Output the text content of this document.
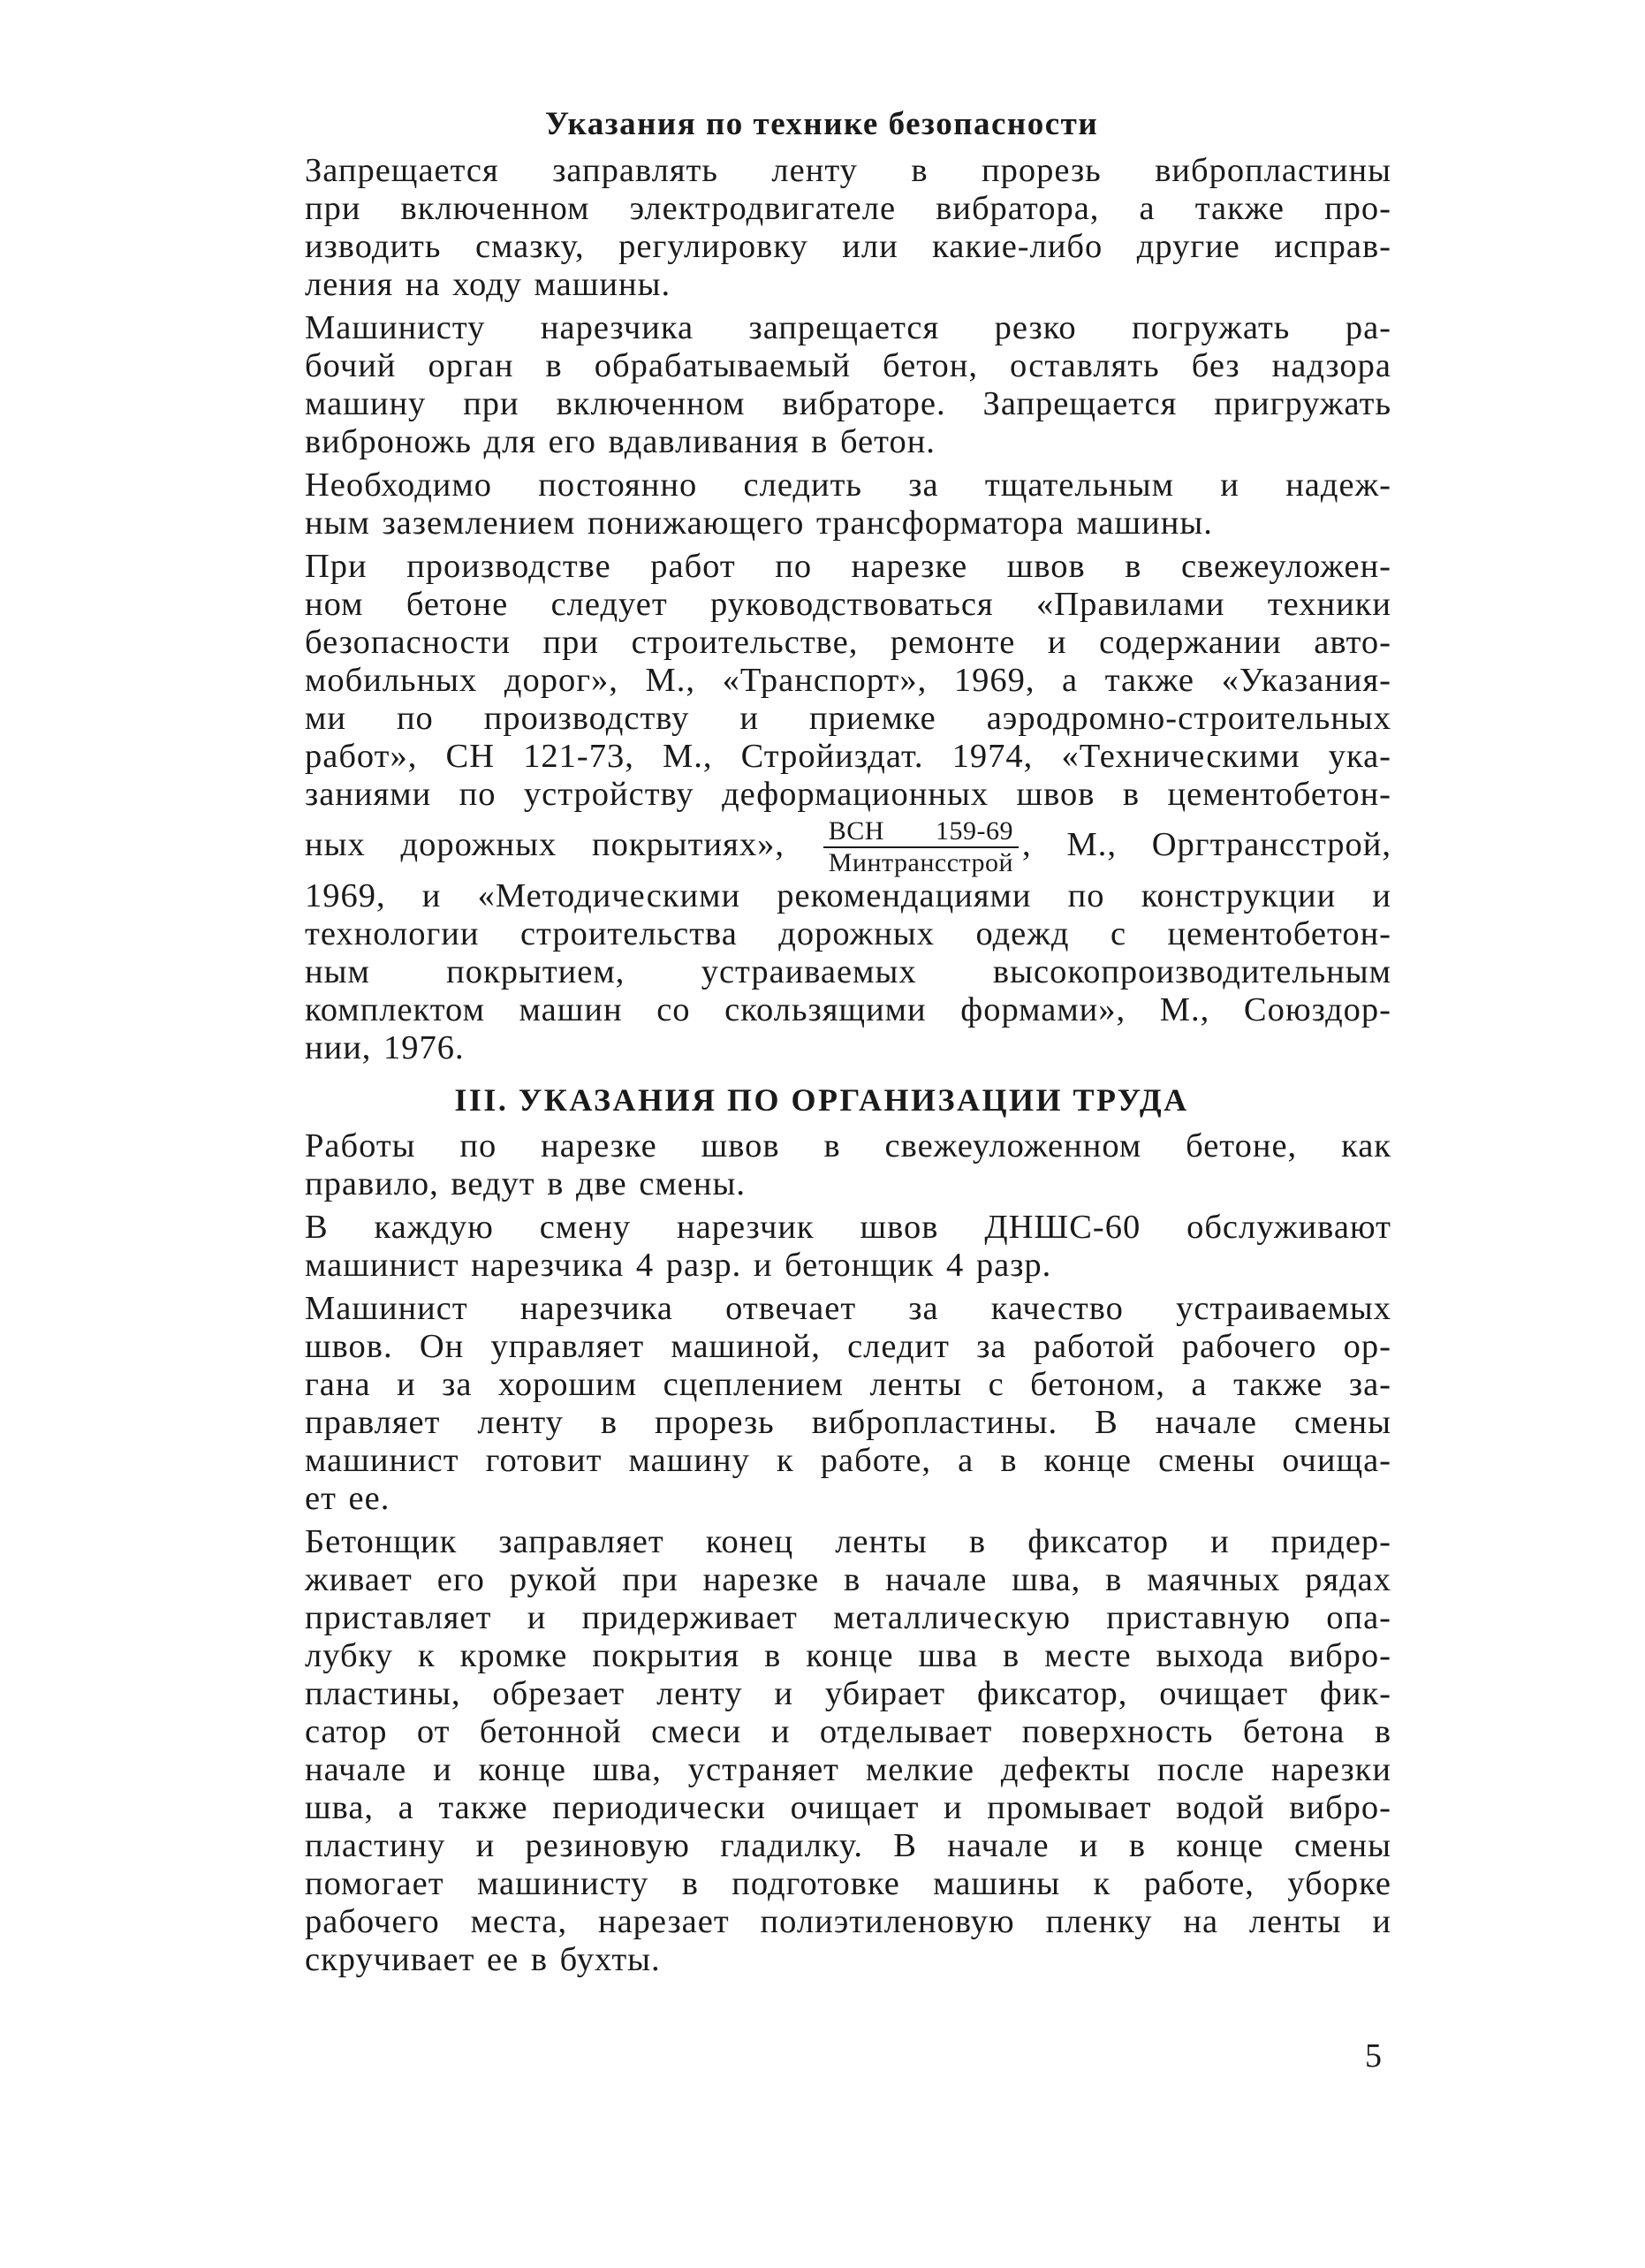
Указания по технике безопасности

Запрещается заправлять ленту в прорезь вибропластины
при включенном электродвигателе вибратора, а также про-
изводить смазку, регулировку или какие-либо другие исправ-
ления на ходу машины.

Машинисту нарезчика запрещается резко погружать ра-
бочий орган в обрабатываемый бетон, оставлять без надзора
машину при включенном вибраторе. Запрещается пригружать
виброножь для его вдавливания в бетон.

Необходимо постоянно следить за тщательным и надеж-
ным заземлением понижающего трансформатора машины.

При производстве работ по нарезке швов в свежеуложен-
ном бетоне следует руководствоваться «Правилами техники
безопасности при строительстве, ремонте и содержании авто-
мобильных дорог», М., «Транспорт», 1969, а также «Указания-
ми по производству и приемке аэродромно-строительных
работ», СН 121-73, М., Стройиздат. 1974, «Техническими ука-
заниями по устройству деформационных швов в цементобетон-
ных дорожных покрытиях», $\frac{\text{ВСН 159-69}}{\text{Минтрансстрой}}$ , М., Оргтрансстрой,
1969, и «Методическими рекомендациями по конструкции и
технологии строительства дорожных одежд с цементобетон-
ным покрытием, устраиваемых высокопроизводительным
комплектом машин со скользящими формами», М., Союздор-
нии, 1976.

III. УКАЗАНИЯ ПО ОРГАНИЗАЦИИ ТРУДА

Работы по нарезке швов в свежеуложенном бетоне, как
правило, ведут в две смены.

В каждую смену нарезчик швов ДНШС-60 обслуживают
машинист нарезчика 4 разр. и бетонщик 4 разр.

Машинист нарезчика отвечает за качество устраиваемых
швов. Он управляет машиной, следит за работой рабочего ор-
гана и за хорошим сцеплением ленты с бетоном, а также за-
правляет ленту в прорезь вибропластины. В начале смены
машинист готовит машину к работе, а в конце смены очища-
ет ее.

Бетонщик заправляет конец ленты в фиксатор и придер-
живает его рукой при нарезке в начале шва, в маячных рядах
приставляет и придерживает металлическую приставную опа-
лубку к кромке покрытия в конце шва в месте выхода вибро-
пластины, обрезает ленту и убирает фиксатор, очищает фик-
сатор от бетонной смеси и отделывает поверхность бетона в
начале и конце шва, устраняет мелкие дефекты после нарезки
шва, а также периодически очищает и промывает водой вибро-
пластину и резиновую гладилку. В начале и в конце смены
помогает машинисту в подготовке машины к работе, уборке
рабочего места, нарезает полиэтиленовую пленку на ленты и
скручивает ее в бухты.

5
